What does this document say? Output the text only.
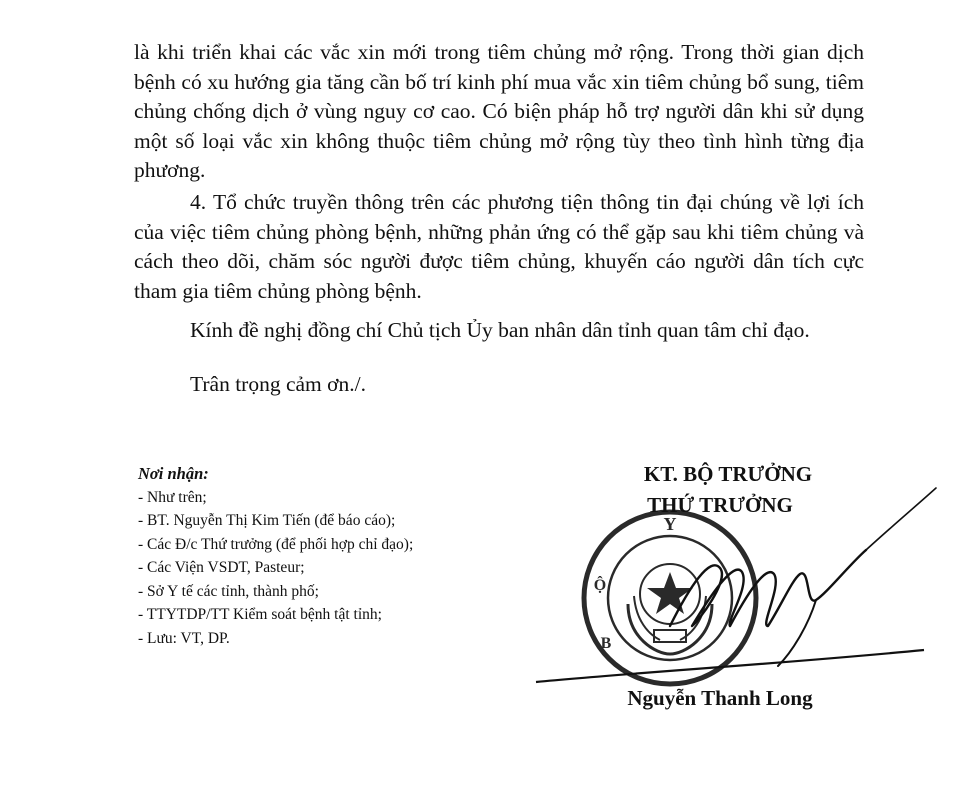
là khi triển khai các vắc xin mới trong tiêm chủng mở rộng. Trong thời gian dịch bệnh có xu hướng gia tăng cần bố trí kinh phí mua vắc xin tiêm chủng bổ sung, tiêm chủng chống dịch ở vùng nguy cơ cao. Có biện pháp hỗ trợ người dân khi sử dụng một số loại vắc xin không thuộc tiêm chủng mở rộng tùy theo tình hình từng địa phương.

4. Tổ chức truyền thông trên các phương tiện thông tin đại chúng về lợi ích của việc tiêm chủng phòng bệnh, những phản ứng có thể gặp sau khi tiêm chủng và cách theo dõi, chăm sóc người được tiêm chủng, khuyến cáo người dân tích cực tham gia tiêm chủng phòng bệnh.

Kính đề nghị đồng chí Chủ tịch Ủy ban nhân dân tỉnh quan tâm chỉ đạo.

Trân trọng cảm ơn./.

Nơi nhận:
- Như trên;
- BT. Nguyễn Thị Kim Tiến (để báo cáo);
- Các Đ/c Thứ trưởng (để phối hợp chỉ đạo);
- Các Viện VSDT, Pasteur;
- Sở Y tế các tỉnh, thành phố;
- TTYTDP/TT Kiểm soát bệnh tật tỉnh;
- Lưu: VT, DP.
Y
B
Ộ
KT. BỘ TRƯỞNG
THỨ TRƯỞNG
Nguyễn Thanh Long
